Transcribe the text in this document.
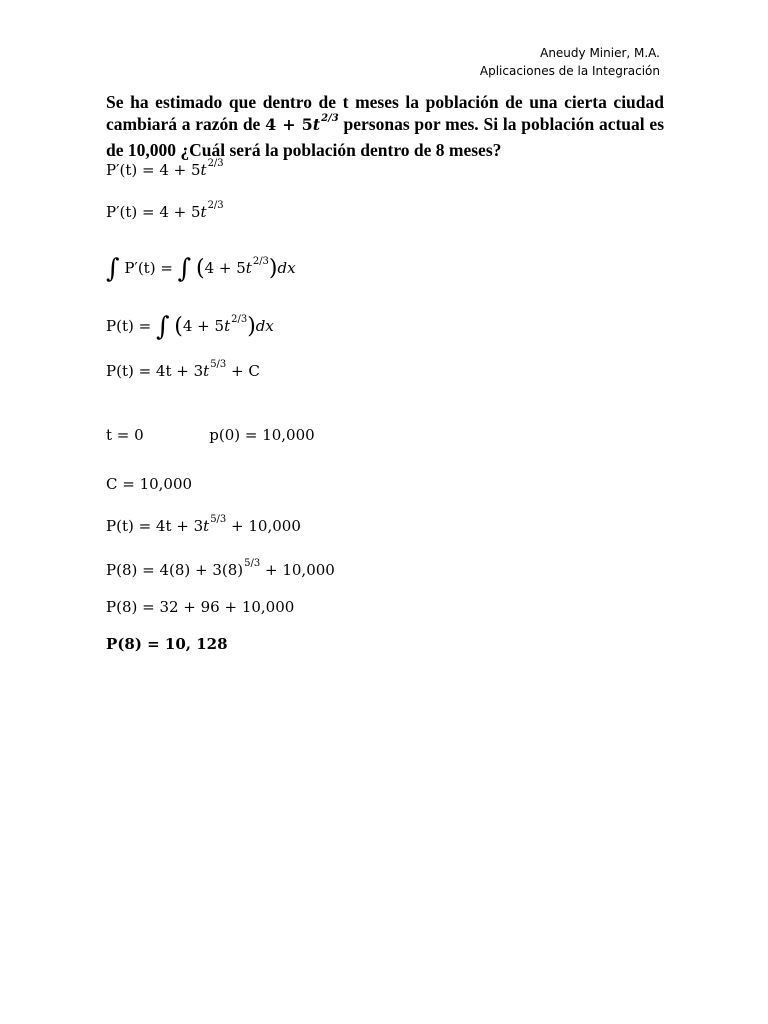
Aneudy Minier, M.A.
Aplicaciones de la Integración
Se ha estimado que dentro de t meses la población de una cierta ciudad cambiará a razón de $4 + 5t^{2/3}$ personas por mes. Si la población actual es de 10,000 ¿Cuál será la población dentro de 8 meses?
$P'(t) = 4 + 5t^{2/3}$
$P'(t) = 4 + 5t^{2/3}$
∫ P′(t) = ∫ $(4 + 5t^{2/3})dx$
P(t) = ∫ $(4 + 5t^{2/3})dx$
$P(t) = 4t + 3t^{5/3} + C$
t = 0	p(0) = 10,000
C = 10,000
$P(t) = 4t + 3t^{5/3} + 10,000$
$P(8) = 4(8) + 3(8)^{5/3} + 10,000$
P(8) = 32 + 96 + 10,000
P(8) = 10, 128
